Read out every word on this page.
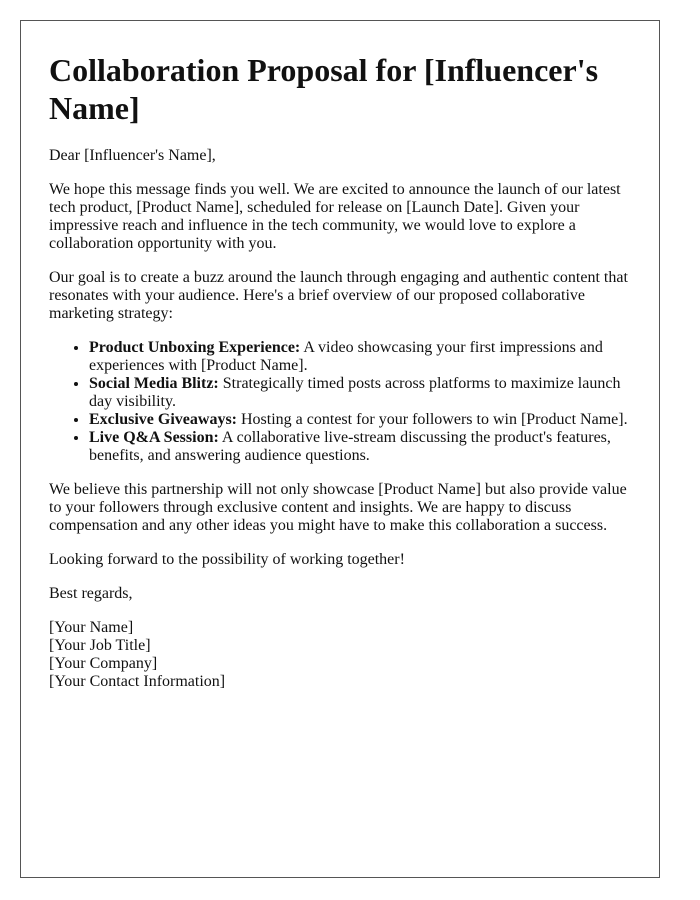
Collaboration Proposal for [Influencer's Name]

Dear [Influencer's Name],

We hope this message finds you well. We are excited to announce the launch of our latest tech product, [Product Name], scheduled for release on [Launch Date]. Given your impressive reach and influence in the tech community, we would love to explore a collaboration opportunity with you.

Our goal is to create a buzz around the launch through engaging and authentic content that resonates with your audience. Here's a brief overview of our proposed collaborative marketing strategy:

• Product Unboxing Experience: A video showcasing your first impressions and experiences with [Product Name].
• Social Media Blitz: Strategically timed posts across platforms to maximize launch day visibility.
• Exclusive Giveaways: Hosting a contest for your followers to win [Product Name].
• Live Q&A Session: A collaborative live-stream discussing the product's features, benefits, and answering audience questions.

We believe this partnership will not only showcase [Product Name] but also provide value to your followers through exclusive content and insights. We are happy to discuss compensation and any other ideas you might have to make this collaboration a success.

Looking forward to the possibility of working together!

Best regards,

[Your Name]

[Your Job Title]

[Your Company]

[Your Contact Information]
